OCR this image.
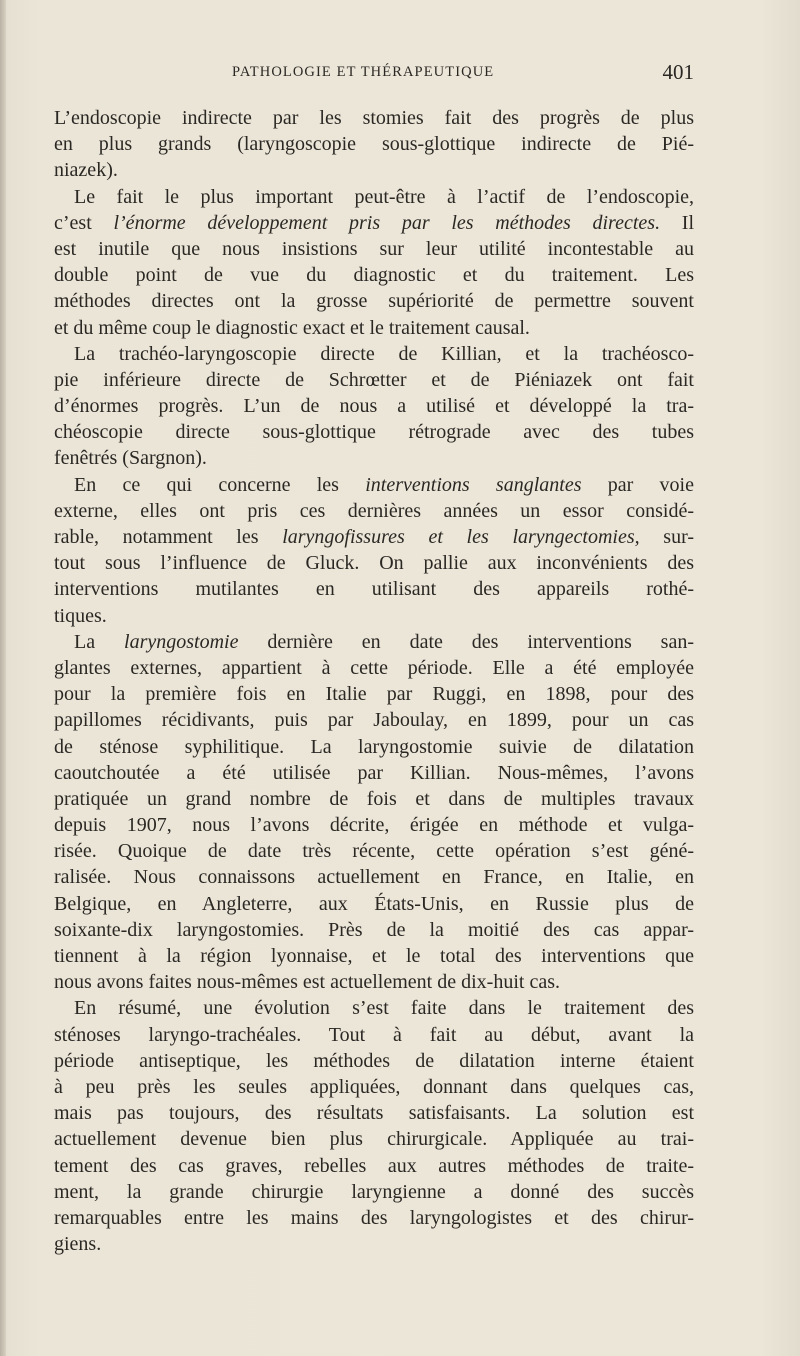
PATHOLOGIE ET THÉRAPEUTIQUE	401
L’endoscopie indirecte par les stomies fait des progrès de plus
en plus grands (laryngoscopie sous-glottique indirecte de Pié-
niazek).
Le fait le plus important peut-être à l’actif de l’endoscopie,
c’est l’énorme développement pris par les méthodes directes. Il
est inutile que nous insistions sur leur utilité incontestable au
double point de vue du diagnostic et du traitement. Les
méthodes directes ont la grosse supériorité de permettre souvent
et du même coup le diagnostic exact et le traitement causal.
La trachéo-laryngoscopie directe de Killian, et la trachéosco-
pie inférieure directe de Schrœtter et de Piéniazek ont fait
d’énormes progrès. L’un de nous a utilisé et développé la tra-
chéoscopie directe sous-glottique rétrograde avec des tubes
fenêtrés (Sargnon).
En ce qui concerne les interventions sanglantes par voie
externe, elles ont pris ces dernières années un essor considé-
rable, notamment les laryngofissures et les laryngectomies, sur-
tout sous l’influence de Gluck. On pallie aux inconvénients des
interventions mutilantes en utilisant des appareils rothé-
tiques.
La laryngostomie dernière en date des interventions san-
glantes externes, appartient à cette période. Elle a été employée
pour la première fois en Italie par Ruggi, en 1898, pour des
papillomes récidivants, puis par Jaboulay, en 1899, pour un cas
de sténose syphilitique. La laryngostomie suivie de dilatation
caoutchoutée a été utilisée par Killian. Nous-mêmes, l’avons
pratiquée un grand nombre de fois et dans de multiples travaux
depuis 1907, nous l’avons décrite, érigée en méthode et vulga-
risée. Quoique de date très récente, cette opération s’est géné-
ralisée. Nous connaissons actuellement en France, en Italie, en
Belgique, en Angleterre, aux États-Unis, en Russie plus de
soixante-dix laryngostomies. Près de la moitié des cas appar-
tiennent à la région lyonnaise, et le total des interventions que
nous avons faites nous-mêmes est actuellement de dix-huit cas.
En résumé, une évolution s’est faite dans le traitement des
sténoses laryngo-trachéales. Tout à fait au début, avant la
période antiseptique, les méthodes de dilatation interne étaient
à peu près les seules appliquées, donnant dans quelques cas,
mais pas toujours, des résultats satisfaisants. La solution est
actuellement devenue bien plus chirurgicale. Appliquée au trai-
tement des cas graves, rebelles aux autres méthodes de traite-
ment, la grande chirurgie laryngienne a donné des succès
remarquables entre les mains des laryngologistes et des chirur-
giens.
